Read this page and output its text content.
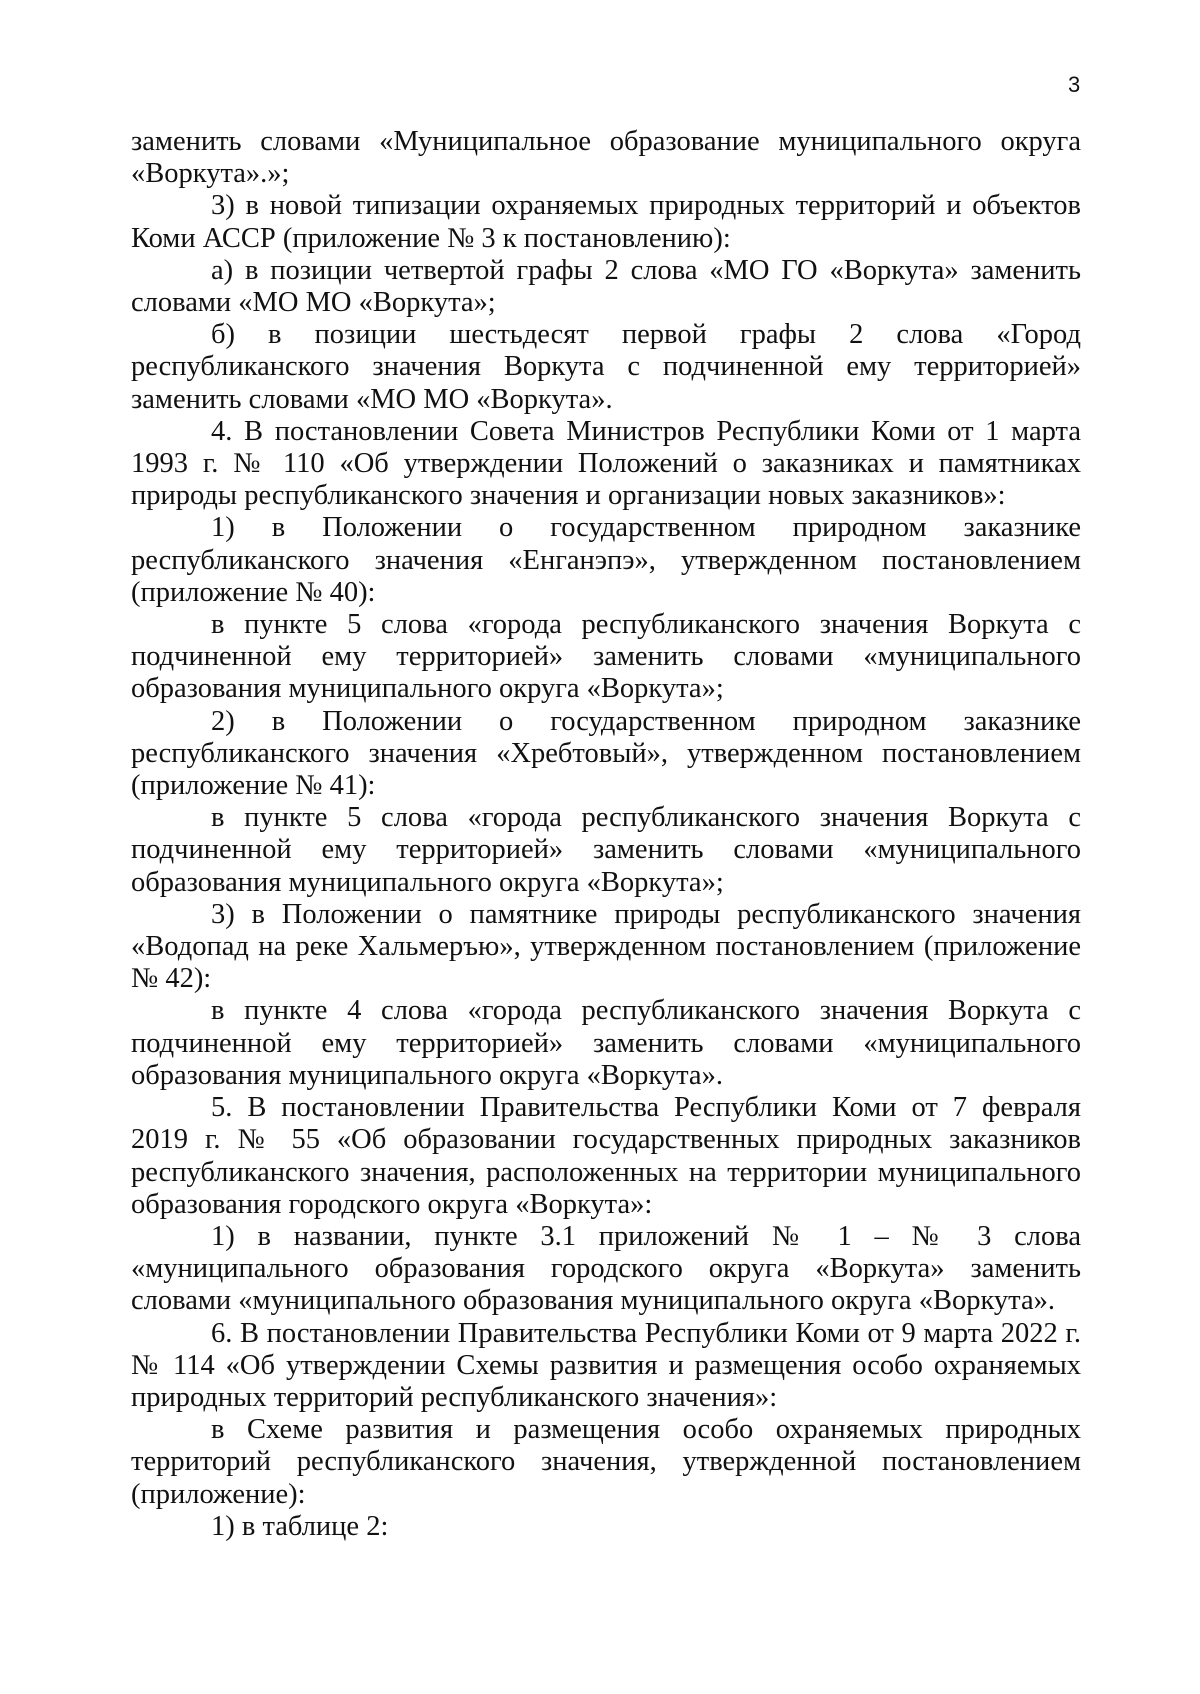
3

заменить словами «Муниципальное образование муниципального округа «Воркута».»;

3) в новой типизации охраняемых природных территорий и объектов Коми АССР (приложение № 3 к постановлению):

а) в позиции четвертой графы 2 слова «МО ГО «Воркута» заменить словами «МО МО «Воркута»;

б) в позиции шестьдесят первой графы 2 слова «Город республиканского значения Воркута с подчиненной ему территорией» заменить словами «МО МО «Воркута».

4. В постановлении Совета Министров Республики Коми от 1 марта 1993 г. № 110 «Об утверждении Положений о заказниках и памятниках природы республиканского значения и организации новых заказников»:

1) в Положении о государственном природном заказнике республиканского значения «Енганэпэ», утвержденном постановлением (приложение № 40):

в пункте 5 слова «города республиканского значения Воркута с подчиненной ему территорией» заменить словами «муниципального образования муниципального округа «Воркута»;

2) в Положении о государственном природном заказнике республиканского значения «Хребтовый», утвержденном постановлением (приложение № 41):

в пункте 5 слова «города республиканского значения Воркута с подчиненной ему территорией» заменить словами «муниципального образования муниципального округа «Воркута»;

3) в Положении о памятнике природы республиканского значения «Водопад на реке Хальмеръю», утвержденном постановлением (приложение № 42):

в пункте 4 слова «города республиканского значения Воркута с подчиненной ему территорией» заменить словами «муниципального образования муниципального округа «Воркута».

5. В постановлении Правительства Республики Коми от 7 февраля 2019 г. № 55 «Об образовании государственных природных заказников республиканского значения, расположенных на территории муниципального образования городского округа «Воркута»:

1) в названии, пункте 3.1 приложений № 1 – № 3 слова «муниципального образования городского округа «Воркута» заменить словами «муниципального образования муниципального округа «Воркута».

6. В постановлении Правительства Республики Коми от 9 марта 2022 г. № 114 «Об утверждении Схемы развития и размещения особо охраняемых природных территорий республиканского значения»:

в Схеме развития и размещения особо охраняемых природных территорий республиканского значения, утвержденной постановлением (приложение):

1) в таблице 2:
